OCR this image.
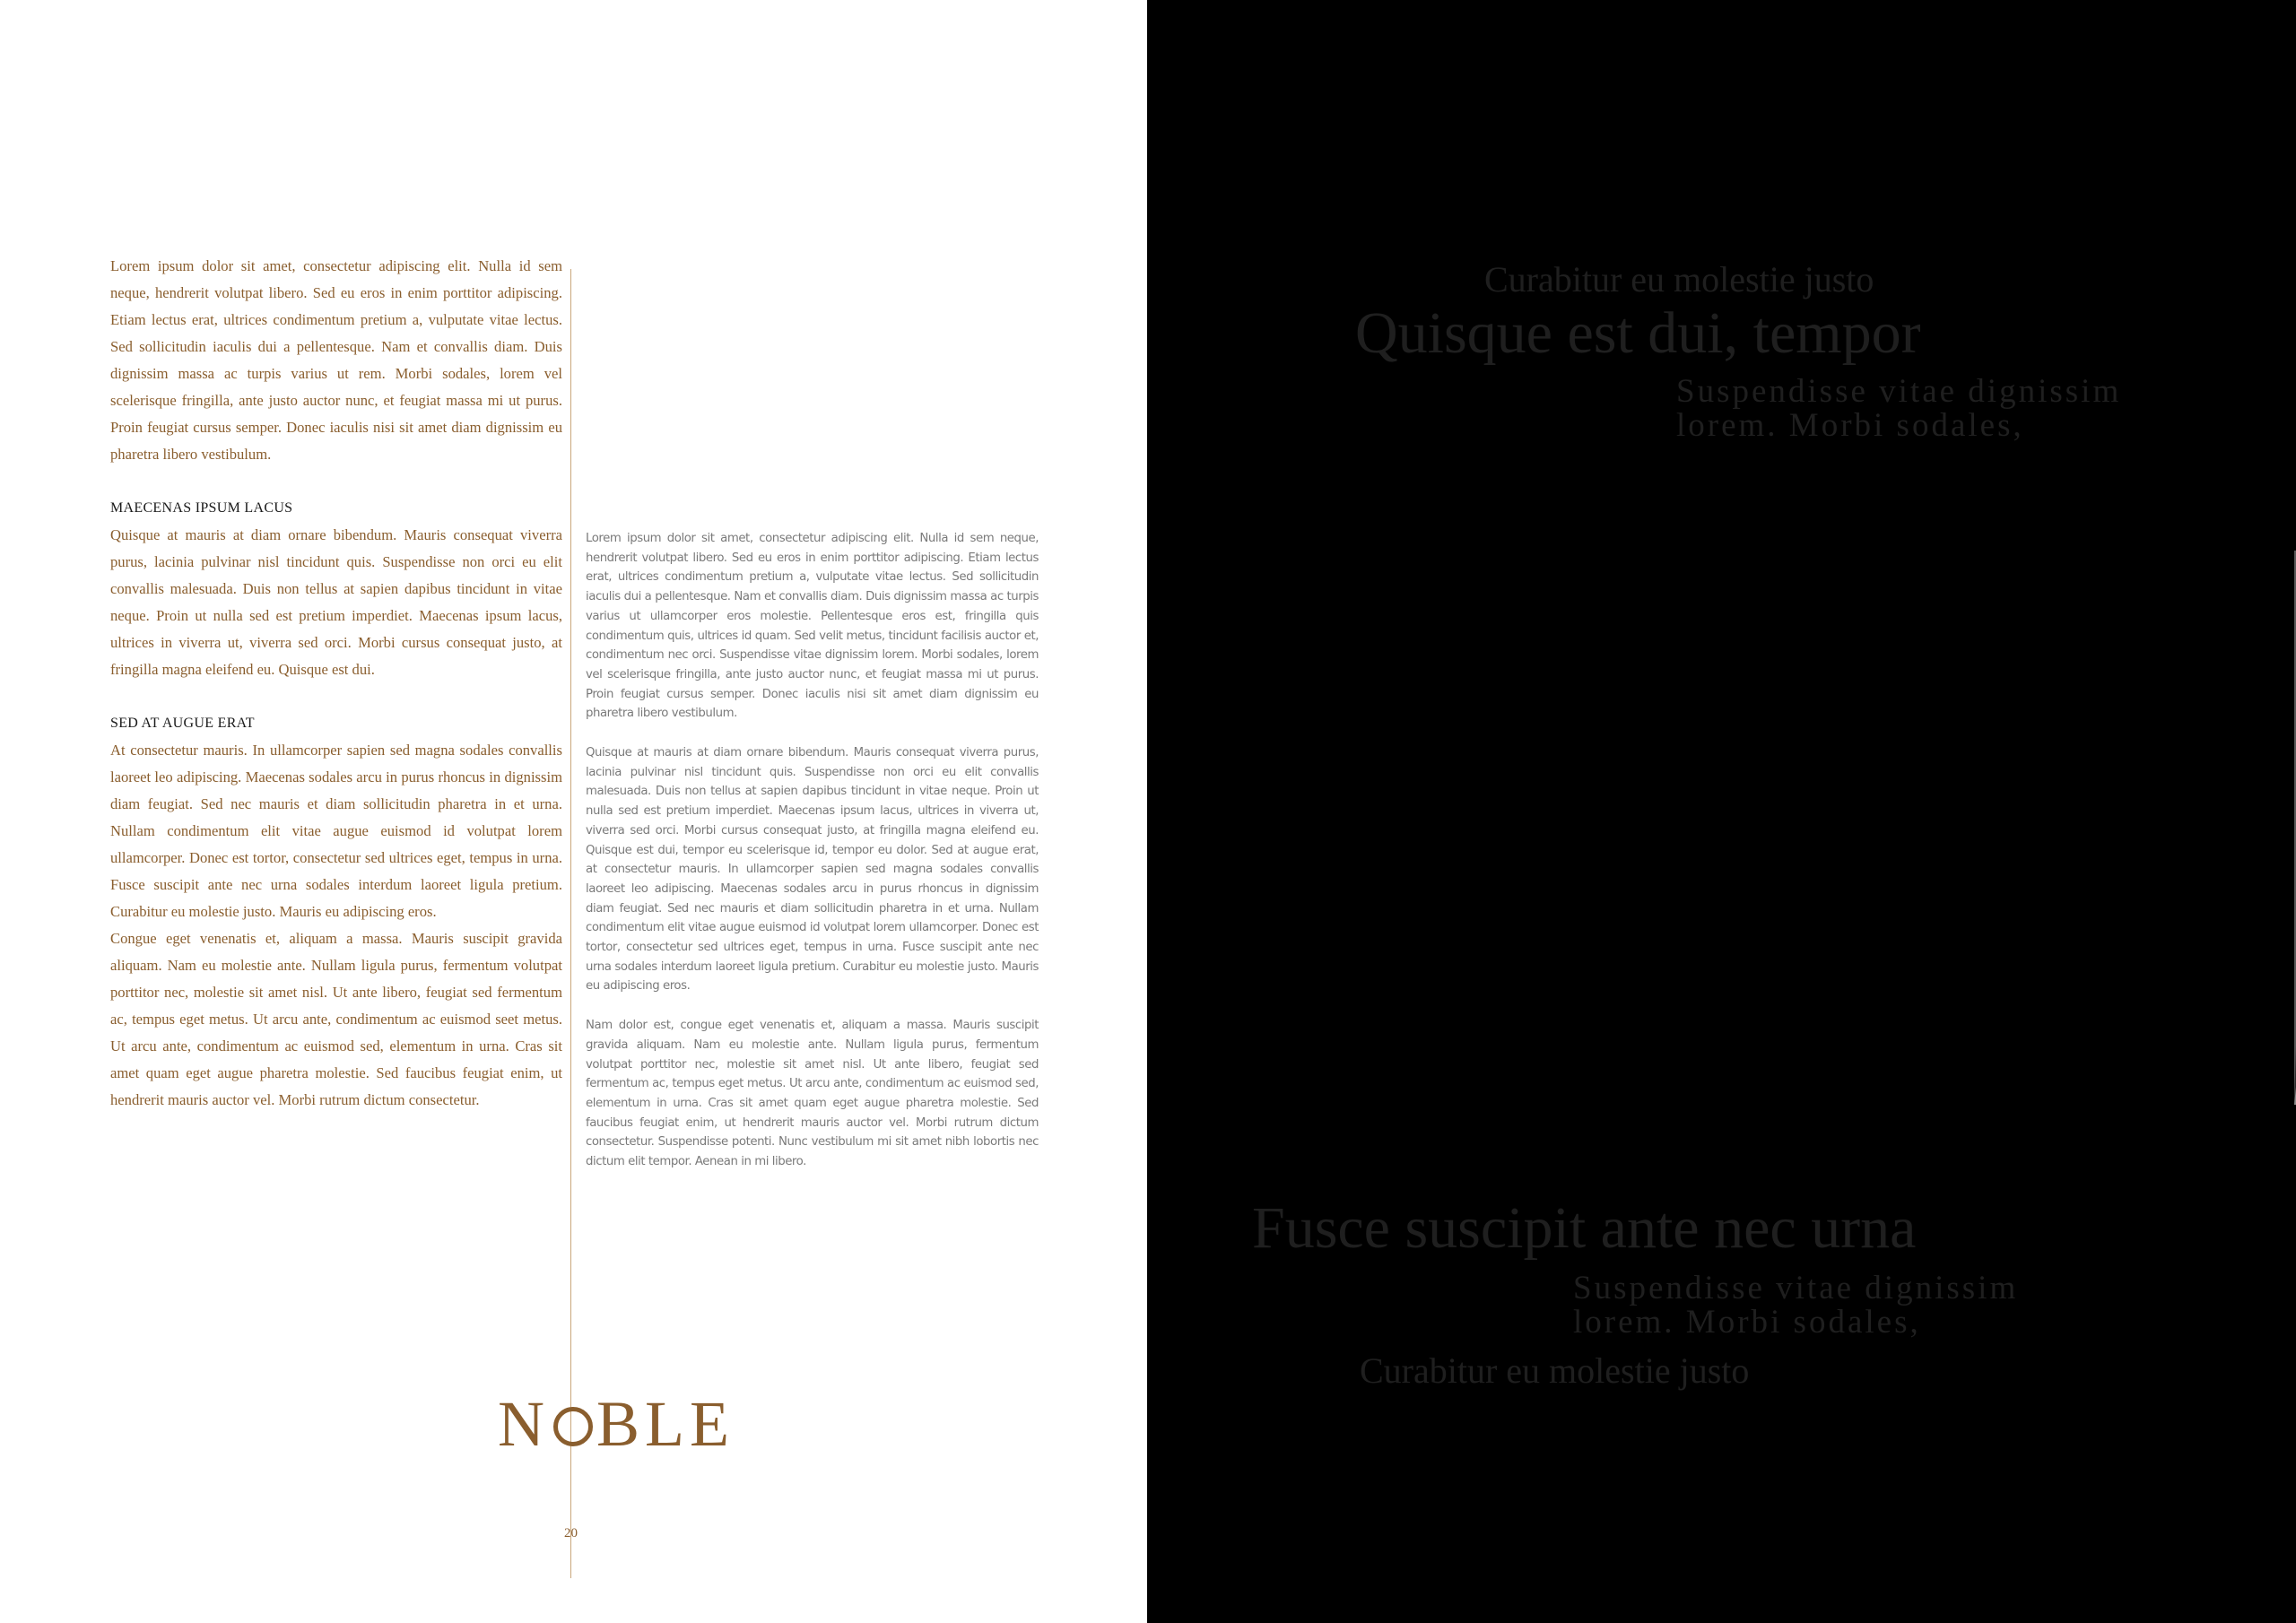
Lorem ipsum dolor sit amet, consectetur adipiscing elit. Nulla id sem neque, hendrerit volutpat libero. Sed eu eros in enim porttitor adipiscing. Etiam lectus erat, ultrices condimentum pretium a, vulputate vitae lectus. Sed sollicitudin iaculis dui a pellentesque. Nam et convallis diam. Duis dignissim massa ac turpis varius ut rem. Morbi sodales, lorem vel scelerisque fringilla, ante justo auctor nunc, et feugiat massa mi ut purus. Proin feugiat cursus semper. Donec iaculis nisi sit amet diam dignissim eu pharetra libero vestibulum.

MAECENAS IPSUM LACUS

Quisque at mauris at diam ornare bibendum. Mauris consequat viverra purus, lacinia pulvinar nisl tincidunt quis. Suspendisse non orci eu elit convallis malesuada. Duis non tellus at sapien dapibus tincidunt in vitae neque. Proin ut nulla sed est pretium imperdiet. Maecenas ipsum lacus, ultrices in viverra ut, viverra sed orci. Morbi cursus consequat justo, at fringilla magna eleifend eu. Quisque est dui.

SED AT AUGUE ERAT

At consectetur mauris. In ullamcorper sapien sed magna sodales convallis laoreet leo adipiscing. Maecenas sodales arcu in purus rhoncus in dignissim diam feugiat. Sed nec mauris et diam sollicitudin pharetra in et urna. Nullam condimentum elit vitae augue euismod id volutpat lorem ullamcorper. Donec est tortor, consectetur sed ultrices eget, tempus in urna. Fusce suscipit ante nec urna sodales interdum laoreet ligula pretium. Curabitur eu molestie justo. Mauris eu adipiscing eros.

Congue eget venenatis et, aliquam a massa. Mauris suscipit gravida aliquam. Nam eu molestie ante. Nullam ligula purus, fermentum volutpat porttitor nec, molestie sit amet nisl. Ut ante libero, feugiat sed fermentum ac, tempus eget metus. Ut arcu ante, condimentum ac euismod seet metus. Ut arcu ante, condimentum ac euismod sed, elementum in urna. Cras sit amet quam eget augue pharetra molestie. Sed faucibus feugiat enim, ut hendrerit mauris auctor vel. Morbi rutrum dictum consectetur.

Lorem ipsum dolor sit amet, consectetur adipiscing elit. Nulla id sem neque, hendrerit volutpat libero. Sed eu eros in enim porttitor adipiscing. Etiam lectus erat, ultrices condimentum pretium a, vulputate vitae lectus. Sed sollicitudin iaculis dui a pellentesque. Nam et convallis diam. Duis dignissim massa ac turpis varius ut ullamcorper eros molestie. Pellentesque eros est, fringilla quis condimentum quis, ultrices id quam. Sed velit metus, tincidunt facilisis auctor et, condimentum nec orci. Suspendisse vitae dignissim lorem. Morbi sodales, lorem vel scelerisque fringilla, ante justo auctor nunc, et feugiat massa mi ut purus. Proin feugiat cursus semper. Donec iaculis nisi sit amet diam dignissim eu pharetra libero vestibulum.

Quisque at mauris at diam ornare bibendum. Mauris consequat viverra purus, lacinia pulvinar nisl tincidunt quis. Suspendisse non orci eu elit convallis malesuada. Duis non tellus at sapien dapibus tincidunt in vitae neque. Proin ut nulla sed est pretium imperdiet. Maecenas ipsum lacus, ultrices in viverra ut, viverra sed orci. Morbi cursus consequat justo, at fringilla magna eleifend eu. Quisque est dui, tempor eu scelerisque id, tempor eu dolor. Sed at augue erat, at consectetur mauris. In ullamcorper sapien sed magna sodales convallis laoreet leo adipiscing. Maecenas sodales arcu in purus rhoncus in dignissim diam feugiat. Sed nec mauris et diam sollicitudin pharetra in et urna. Nullam condimentum elit vitae augue euismod id volutpat lorem ullamcorper. Donec est tortor, consectetur sed ultrices eget, tempus in urna. Fusce suscipit ante nec urna sodales interdum laoreet ligula pretium. Curabitur eu molestie justo. Mauris eu adipiscing eros.

Nam dolor est, congue eget venenatis et, aliquam a massa. Mauris suscipit gravida aliquam. Nam eu molestie ante. Nullam ligula purus, fermentum volutpat porttitor nec, molestie sit amet nisl. Ut ante libero, feugiat sed fermentum ac, tempus eget metus. Ut arcu ante, condimentum ac euismod sed, elementum in urna. Cras sit amet quam eget augue pharetra molestie. Sed faucibus feugiat enim, ut hendrerit mauris auctor vel. Morbi rutrum dictum consectetur. Suspendisse potenti. Nunc vestibulum mi sit amet nibh lobortis nec dictum elit tempor. Aenean in mi libero.

N BLE
20
Curabitur eu molestie justo
Quisque est dui, tempor
Suspendisse vitae dignissim
lorem. Morbi sodales,
Fusce suscipit ante nec urna
Suspendisse vitae dignissim
lorem. Morbi sodales,
Curabitur eu molestie justo
